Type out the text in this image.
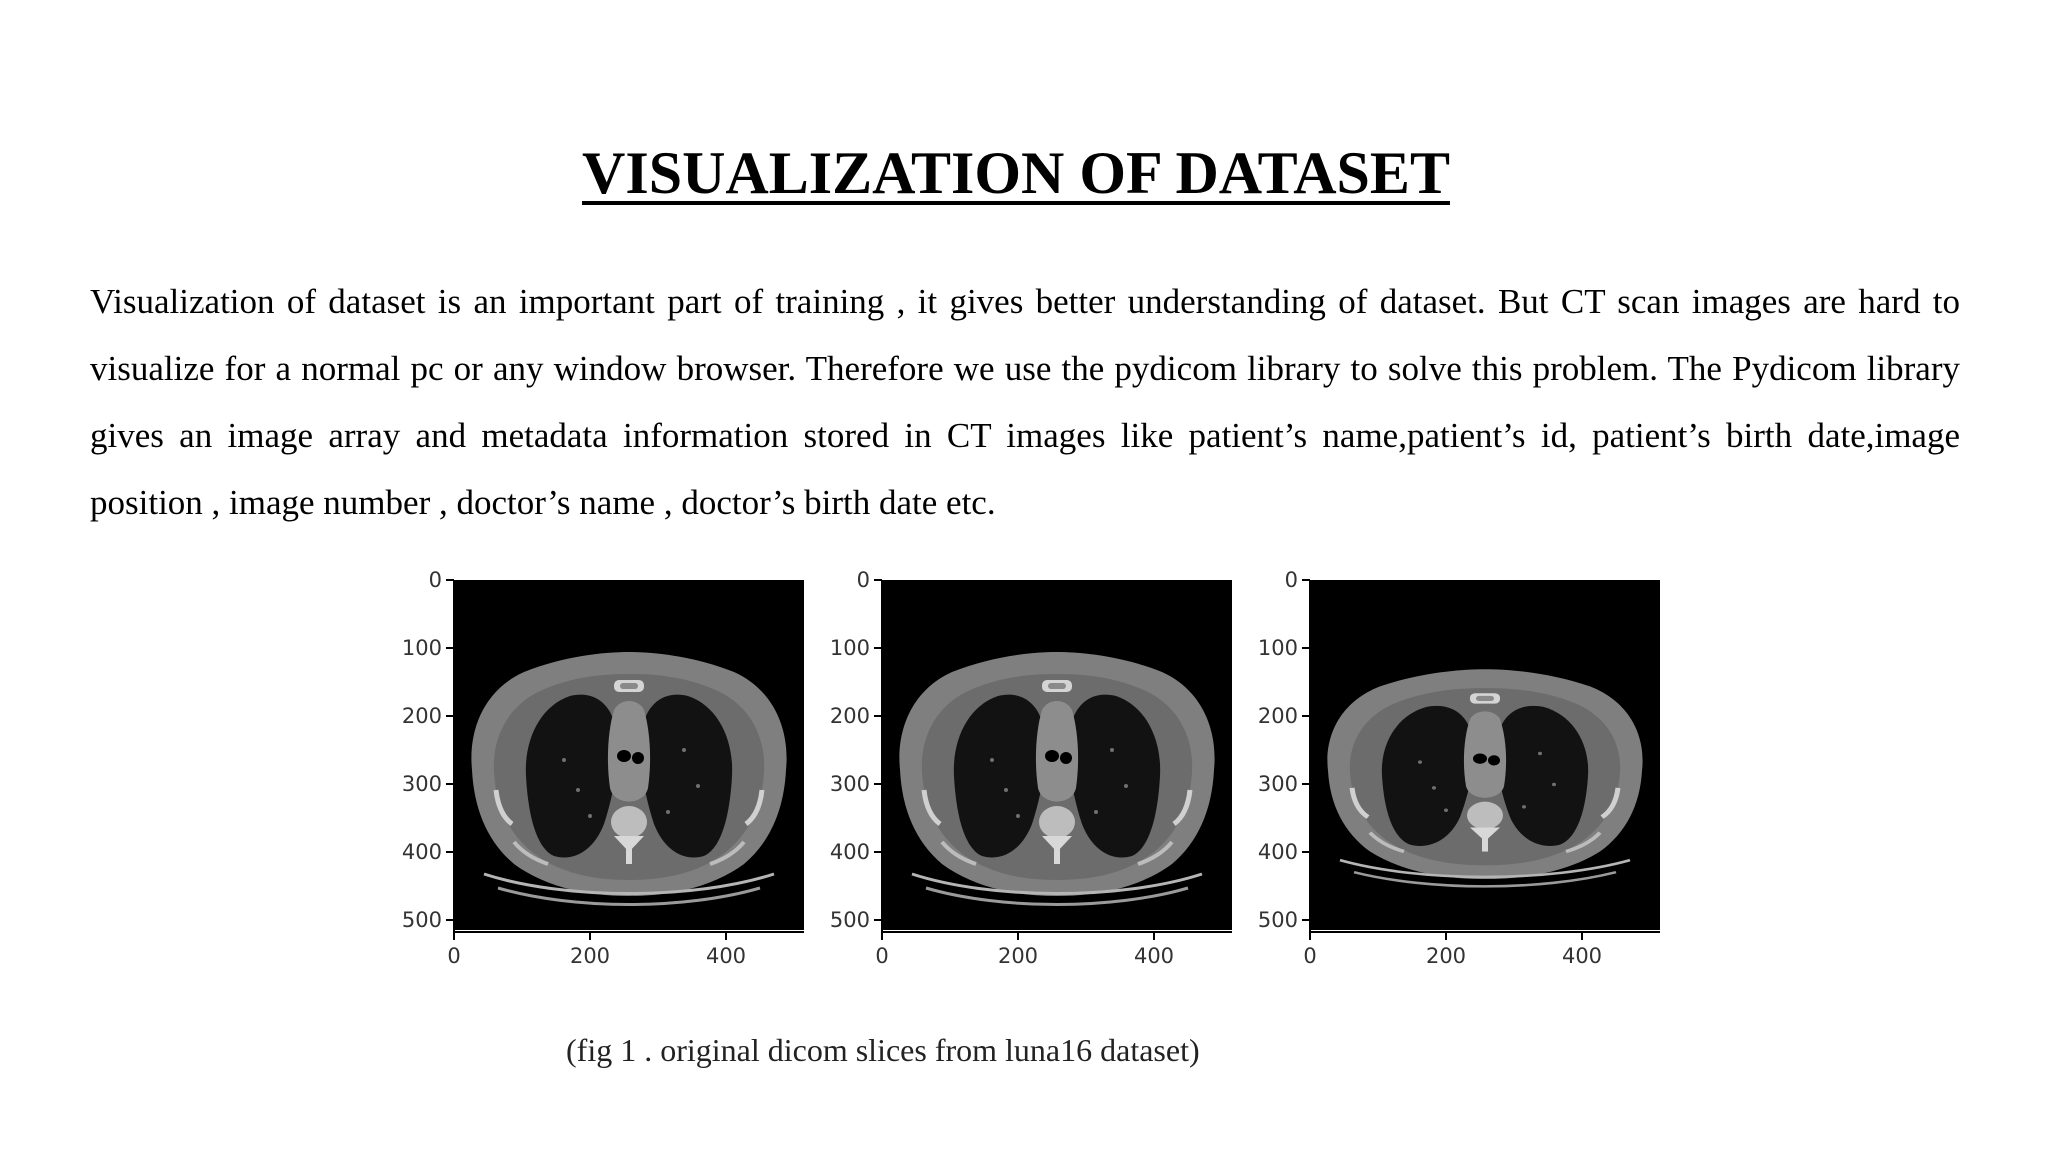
VISUALIZATION OF DATASET

Visualization of dataset is an important part of training , it gives better understanding of dataset. But CT scan images are hard to visualize for a normal pc or any window browser. Therefore we use the pydicom library to solve this problem. The Pydicom library gives an image array and metadata information stored in CT images like patient’s name,patient’s id, patient’s birth date,image position , image number , doctor’s name , doctor’s birth date etc.

0
100
200
300
400
500
0	200	400
0
100
200
300
400
500
0	200	400
0
100
200
300
400
500
0	200	400

(fig 1 . original dicom slices from luna16 dataset)
